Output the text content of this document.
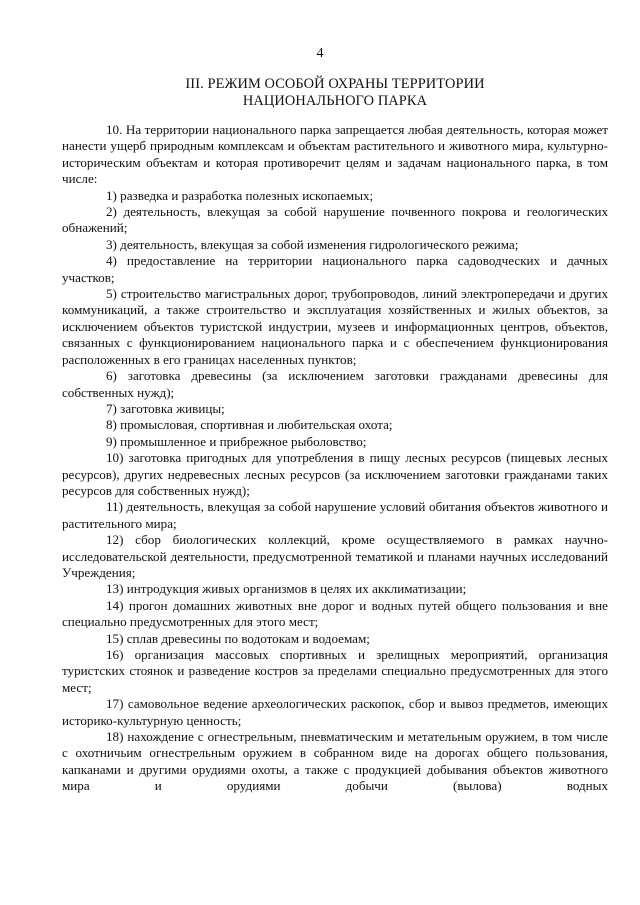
4
III. РЕЖИМ ОСОБОЙ ОХРАНЫ ТЕРРИТОРИИ
НАЦИОНАЛЬНОГО ПАРКА

10. На территории национального парка запрещается любая деятельность, которая может нанести ущерб природным комплексам и объектам растительного и животного мира, культурно-историческим объектам и которая противоречит целям и задачам национального парка, в том числе:

1) разведка и разработка полезных ископаемых;

2) деятельность, влекущая за собой нарушение почвенного покрова и геологических обнажений;

3) деятельность, влекущая за собой изменения гидрологического режима;

4) предоставление на территории национального парка садоводческих и дачных участков;

5) строительство магистральных дорог, трубопроводов, линий электропередачи и других коммуникаций, а также строительство и эксплуатация хозяйственных и жилых объектов, за исключением объектов туристской индустрии, музеев и информационных центров, объектов, связанных с функционированием национального парка и с обеспечением функционирования расположенных в его границах населенных пунктов;

6) заготовка древесины (за исключением заготовки гражданами древесины для собственных нужд);

7) заготовка живицы;

8) промысловая, спортивная и любительская охота;

9) промышленное и прибрежное рыболовство;

10) заготовка пригодных для употребления в пищу лесных ресурсов (пищевых лесных ресурсов), других недревесных лесных ресурсов (за исключением заготовки гражданами таких ресурсов для собственных нужд);

11) деятельность, влекущая за собой нарушение условий обитания объектов животного и растительного мира;

12) сбор биологических коллекций, кроме осуществляемого в рамках научно-исследовательской деятельности, предусмотренной тематикой и планами научных исследований Учреждения;

13) интродукция живых организмов в целях их акклиматизации;

14) прогон домашних животных вне дорог и водных путей общего пользования и вне специально предусмотренных для этого мест;

15) сплав древесины по водотокам и водоемам;

16) организация массовых спортивных и зрелищных мероприятий, организация туристских стоянок и разведение костров за пределами специально предусмотренных для этого мест;

17) самовольное ведение археологических раскопок, сбор и вывоз предметов, имеющих историко-культурную ценность;

18) нахождение с огнестрельным, пневматическим и метательным оружием, в том числе с охотничьим огнестрельным оружием в собранном виде на дорогах общего пользования, капканами и другими орудиями охоты, а также с продукцией добывания объектов животного мира и орудиями добычи (вылова) водных
